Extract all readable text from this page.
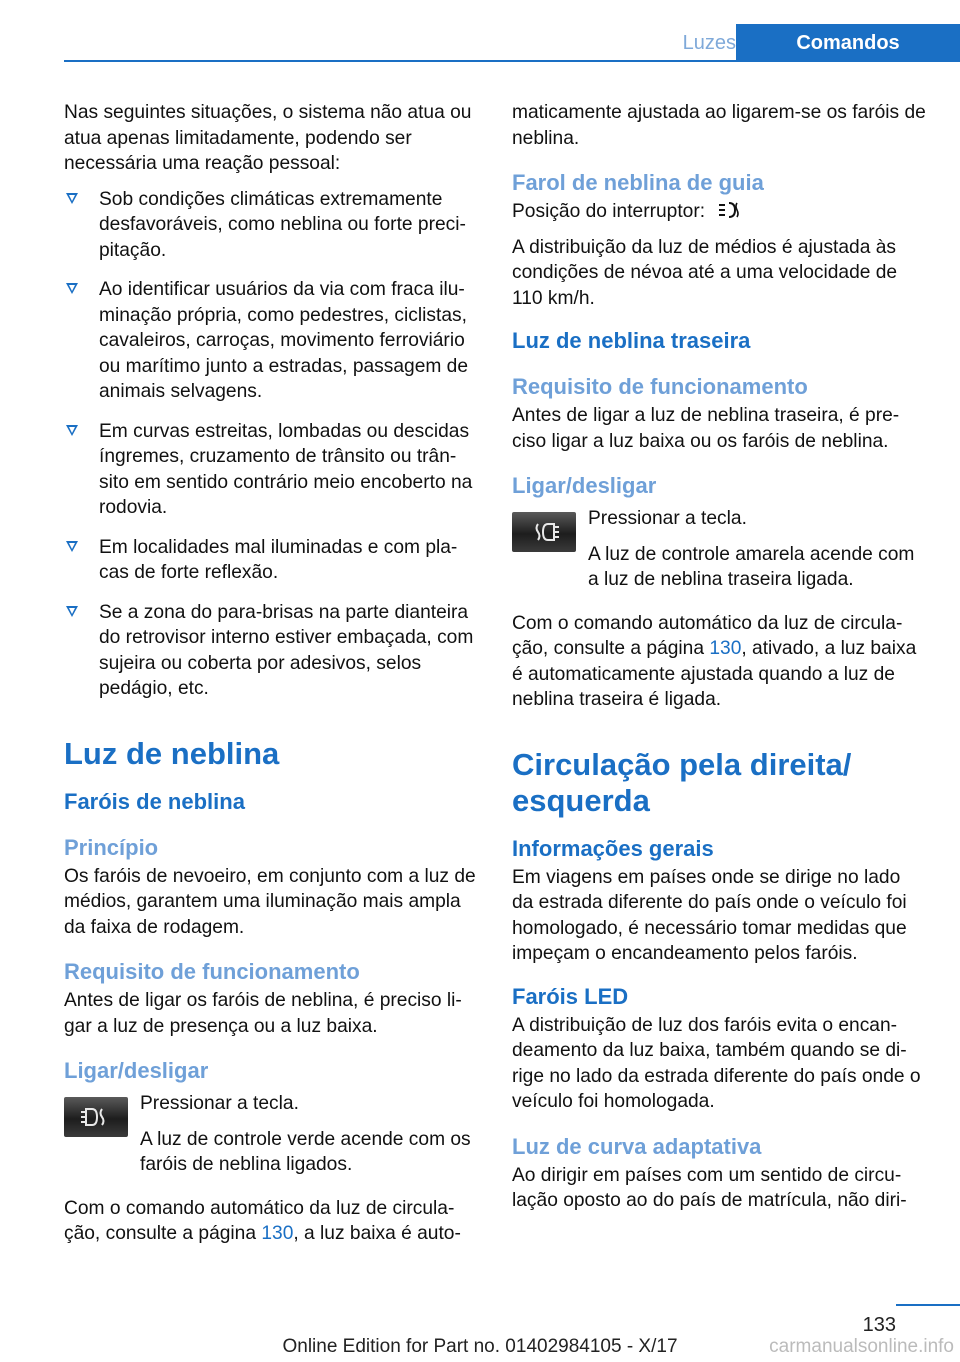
Luzes	Comandos

Nas seguintes situações, o sistema não atua ou atua apenas limitadamente, podendo ser necessária uma reação pessoal:

Sob condições climáticas extremamente desfavoráveis, como neblina ou forte preci- pitação.
Ao identificar usuários da via com fraca ilu- minação própria, como pedestres, ciclistas, cavaleiros, carroças, movimento ferroviário ou marítimo junto a estradas, passagem de animais selvagens.
Em curvas estreitas, lombadas ou descidas íngremes, cruzamento de trânsito ou trân- sito em sentido contrário meio encoberto na rodovia.
Em localidades mal iluminadas e com pla- cas de forte reflexão.
Se a zona do para-brisas na parte dianteira do retrovisor interno estiver embaçada, com sujeira ou coberta por adesivos, selos pedágio, etc.
Luz de neblina
Faróis de neblina
Princípio

Os faróis de nevoeiro, em conjunto com a luz de médios, garantem uma iluminação mais ampla da faixa de rodagem.

Requisito de funcionamento

Antes de ligar os faróis de neblina, é preciso li- gar a luz de presença ou a luz baixa.

Ligar/desligar

Pressionar a tecla.

A luz de controle verde acende com os faróis de neblina ligados.

Com o comando automático da luz de circula- ção, consulte a página 130, a luz baixa é auto-

maticamente ajustada ao ligarem-se os faróis de neblina.

Farol de neblina de guia

Posição do interruptor:

A distribuição da luz de médios é ajustada às condições de névoa até a uma velocidade de 110 km/h.

Luz de neblina traseira
Requisito de funcionamento

Antes de ligar a luz de neblina traseira, é pre- ciso ligar a luz baixa ou os faróis de neblina.

Ligar/desligar

Pressionar a tecla.

A luz de controle amarela acende com a luz de neblina traseira ligada.

Com o comando automático da luz de circula- ção, consulte a página 130, ativado, a luz baixa é automaticamente ajustada quando a luz de neblina traseira é ligada.

Circulação pela direita/ esquerda
Informações gerais

Em viagens em países onde se dirige no lado da estrada diferente do país onde o veículo foi homologado, é necessário tomar medidas que impeçam o encandeamento pelos faróis.

Faróis LED

A distribuição de luz dos faróis evita o encan- deamento da luz baixa, também quando se di- rige no lado da estrada diferente do país onde o veículo foi homologada.

Luz de curva adaptativa

Ao dirigir em países com um sentido de circu- lação oposto ao do país de matrícula, não diri-

133
Online Edition for Part no. 01402984105 - X/17	carmanualsonline.info
